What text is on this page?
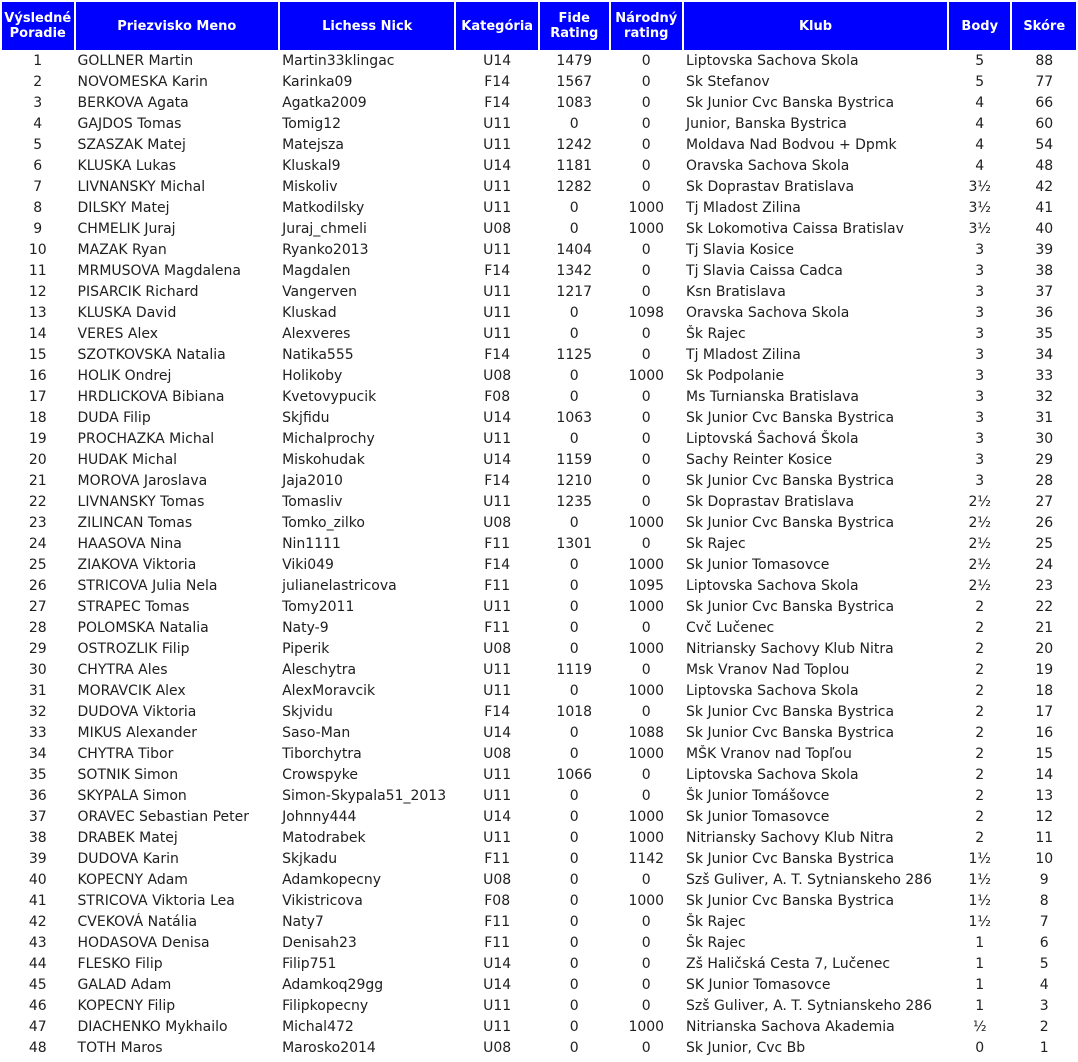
Výsledné Poradie	Priezvisko Meno	Lichess Nick	Kategória	Fide Rating	Národný rating	Klub	Body	Skóre
1	GOLLNER Martin	Martin33klingac	U14	1479	0	Liptovska Sachova Skola	5	88
2	NOVOMESKA Karin	Karinka09	F14	1567	0	Sk Stefanov	5	77
3	BERKOVA Agata	Agatka2009	F14	1083	0	Sk Junior Cvc Banska Bystrica	4	66
4	GAJDOS Tomas	Tomig12	U11	0	0	Junior, Banska Bystrica	4	60
5	SZASZAK Matej	Matejsza	U11	1242	0	Moldava Nad Bodvou + Dpmk	4	54
6	KLUSKA Lukas	Kluskal9	U14	1181	0	Oravska Sachova Skola	4	48
7	LIVNANSKY Michal	Miskoliv	U11	1282	0	Sk Doprastav Bratislava	3½	42
8	DILSKY Matej	Matkodilsky	U11	0	1000	Tj Mladost Zilina	3½	41
9	CHMELIK Juraj	Juraj_chmeli	U08	0	1000	Sk Lokomotiva Caissa Bratislav	3½	40
10	MAZAK Ryan	Ryanko2013	U11	1404	0	Tj Slavia Kosice	3	39
11	MRMUSOVA Magdalena	Magdalen	F14	1342	0	Tj Slavia Caissa Cadca	3	38
12	PISARCIK Richard	Vangerven	U11	1217	0	Ksn Bratislava	3	37
13	KLUSKA David	Kluskad	U11	0	1098	Oravska Sachova Skola	3	36
14	VERES Alex	Alexveres	U11	0	0	Šk Rajec	3	35
15	SZOTKOVSKA Natalia	Natika555	F14	1125	0	Tj Mladost Zilina	3	34
16	HOLIK Ondrej	Holikoby	U08	0	1000	Sk Podpolanie	3	33
17	HRDLICKOVA Bibiana	Kvetovypucik	F08	0	0	Ms Turnianska Bratislava	3	32
18	DUDA Filip	Skjfidu	U14	1063	0	Sk Junior Cvc Banska Bystrica	3	31
19	PROCHAZKA Michal	Michalprochy	U11	0	0	Liptovská Šachová Škola	3	30
20	HUDAK Michal	Miskohudak	U14	1159	0	Sachy Reinter Kosice	3	29
21	MOROVA Jaroslava	Jaja2010	F14	1210	0	Sk Junior Cvc Banska Bystrica	3	28
22	LIVNANSKY Tomas	Tomasliv	U11	1235	0	Sk Doprastav Bratislava	2½	27
23	ZILINCAN Tomas	Tomko_zilko	U08	0	1000	Sk Junior Cvc Banska Bystrica	2½	26
24	HAASOVA Nina	Nin1111	F11	1301	0	Sk Rajec	2½	25
25	ZIAKOVA Viktoria	Viki049	F14	0	1000	Sk Junior Tomasovce	2½	24
26	STRICOVA Julia Nela	julianelastricova	F11	0	1095	Liptovska Sachova Skola	2½	23
27	STRAPEC Tomas	Tomy2011	U11	0	1000	Sk Junior Cvc Banska Bystrica	2	22
28	POLOMSKA Natalia	Naty-9	F11	0	0	Cvč Lučenec	2	21
29	OSTROZLIK Filip	Piperik	U08	0	1000	Nitriansky Sachovy Klub Nitra	2	20
30	CHYTRA Ales	Aleschytra	U11	1119	0	Msk Vranov Nad Toplou	2	19
31	MORAVCIK Alex	AlexMoravcik	U11	0	1000	Liptovska Sachova Skola	2	18
32	DUDOVA Viktoria	Skjvidu	F14	1018	0	Sk Junior Cvc Banska Bystrica	2	17
33	MIKUS Alexander	Saso-Man	U14	0	1088	Sk Junior Cvc Banska Bystrica	2	16
34	CHYTRA Tibor	Tiborchytra	U08	0	1000	MŠK Vranov nad Topľou	2	15
35	SOTNIK Simon	Crowspyke	U11	1066	0	Liptovska Sachova Skola	2	14
36	SKYPALA Simon	Simon-Skypala51_2013	U11	0	0	Šk Junior Tomášovce	2	13
37	ORAVEC Sebastian Peter	Johnny444	U14	0	1000	Sk Junior Tomasovce	2	12
38	DRABEK Matej	Matodrabek	U11	0	1000	Nitriansky Sachovy Klub Nitra	2	11
39	DUDOVA Karin	Skjkadu	F11	0	1142	Sk Junior Cvc Banska Bystrica	1½	10
40	KOPECNY Adam	Adamkopecny	U08	0	0	Szš Guliver, A. T. Sytnianskeho 286	1½	9
41	STRICOVA Viktoria Lea	Vikistricova	F08	0	1000	Sk Junior Cvc Banska Bystrica	1½	8
42	CVEKOVÁ Natália	Naty7	F11	0	0	Šk Rajec	1½	7
43	HODASOVA Denisa	Denisah23	F11	0	0	Šk Rajec	1	6
44	FLESKO Filip	Filip751	U14	0	0	Zš Haličská Cesta 7, Lučenec	1	5
45	GALAD Adam	Adamkoq29gg	U14	0	0	SK Junior Tomasovce	1	4
46	KOPECNY Filip	Filipkopecny	U11	0	0	Szš Guliver, A. T. Sytnianskeho 286	1	3
47	DIACHENKO Mykhailo	Michal472	U11	0	1000	Nitrianska Sachova Akademia	½	2
48	TOTH Maros	Marosko2014	U08	0	0	Sk Junior, Cvc Bb	0	1
